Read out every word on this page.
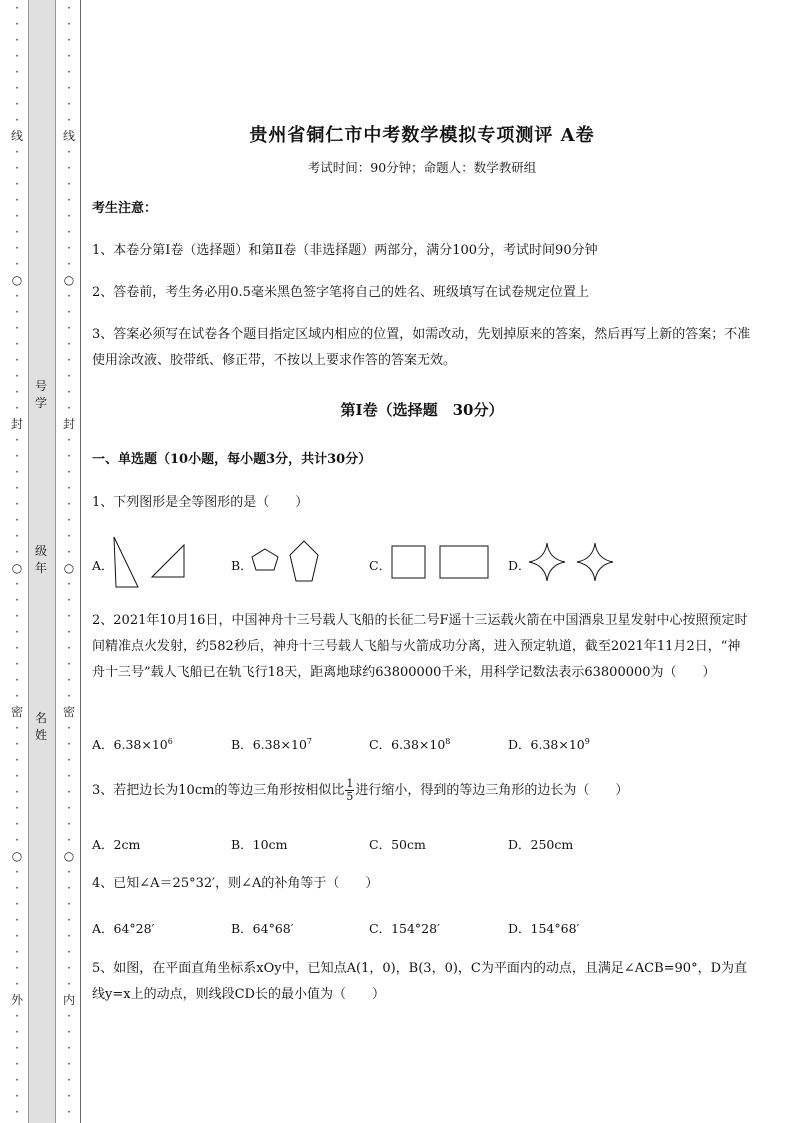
·
·
·
·
·
·
·
·
线
·
·
·
·
·
·
·
·
○
·
·
·
·
·
·
·
·
封
·
·
·
·
·
·
·
·
○
·
·
·
·
·
·
·
·
密
·
·
·
·
·
·
·
·
○
·
·
·
·
·
·
·
·
外
·
·
·
·
·
·
·
号
学
级
年
名
姓
·
·
·
·
·
·
·
·
线
·
·
·
·
·
·
·
·
○
·
·
·
·
·
·
·
·
封
·
·
·
·
·
·
·
·
○
·
·
·
·
·
·
·
·
密
·
·
·
·
·
·
·
·
○
·
·
·
·
·
·
·
·
内
·
·
·
·
·
·
·
贵州省铜仁市中考数学模拟专项测评 A卷
考试时间：90分钟；命题人：数学教研组
考生注意：
1、本卷分第I卷（选择题）和第Ⅱ卷（非选择题）两部分，满分100分，考试时间90分钟
2、答卷前，考生务必用0.5毫米黑色签字笔将自己的姓名、班级填写在试卷规定位置上
3、答案必须写在试卷各个题目指定区域内相应的位置，如需改动，先划掉原来的答案，然后再写上新的答案；不准使用涂改液、胶带纸、修正带，不按以上要求作答的答案无效。
第I卷（选择题　30分）
一、单选题（10小题，每小题3分，共计30分）
1、下列图形是全等图形的是（　　）
A．	B．	C．	D．
2、2021年10月16日，中国神舟十三号载人飞船的长征二号F遥十三运载火箭在中国酒泉卫星发射中心按照预定时间精准点火发射，约582秒后，神舟十三号载人飞船与火箭成功分离，进入预定轨道，截至2021年11月2日，“神舟十三号”载人飞船已在轨飞行18天，距离地球约63800000千米，用科学记数法表示63800000为（　　）
A．$6.38\times 10^6$	B．$6.38\times 10^7$	C．$6.38\times 10^8$	D．$6.38\times 10^9$
3、若把边长为10cm的等边三角形按相似比 $\frac{1}{5}$ 进行缩小，得到的等边三角形的边长为（　　）
A．2cm	B．10cm	C．50cm	D．250cm
4、已知∠A＝25°32′，则∠A的补角等于（　　）
A．64°28′	B．64°68′	C．154°28′	D．154°68′
5、如图，在平面直角坐标系xOy中，已知点A(1，0)，B(3，0)，C为平面内的动点，且满足∠ACB=90°，D为直线y=x上的动点，则线段CD长的最小值为（　　）
